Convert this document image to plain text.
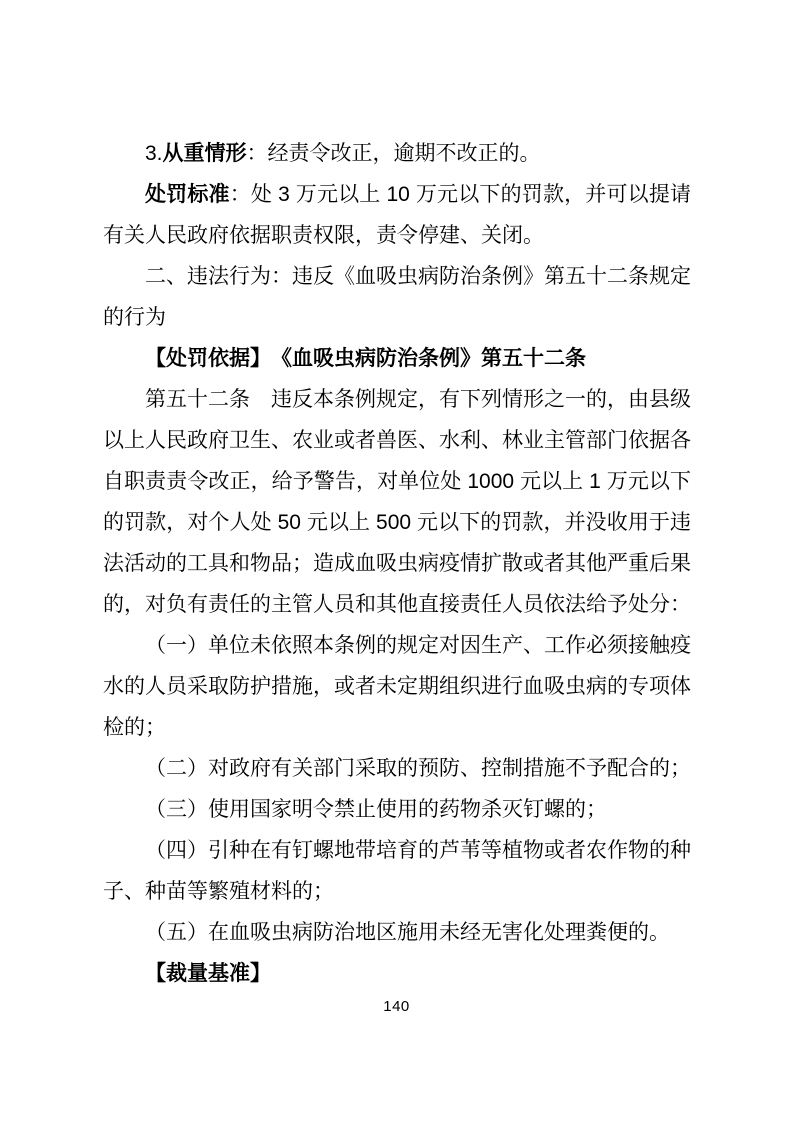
3.从重情形：经责令改正，逾期不改正的。

处罚标准：处 3 万元以上 10 万元以下的罚款，并可以提请有关人民政府依据职责权限，责令停建、关闭。

二、违法行为：违反《血吸虫病防治条例》第五十二条规定的行为

【处罚依据】　《血吸虫病防治条例》第五十二条

第五十二条　违反本条例规定，有下列情形之一的，由县级以上人民政府卫生、农业或者兽医、水利、林业主管部门依据各自职责责令改正，给予警告，对单位处 1000 元以上 1 万元以下的罚款，对个人处 50 元以上 500 元以下的罚款，并没收用于违法活动的工具和物品；造成血吸虫病疫情扩散或者其他严重后果的，对负有责任的主管人员和其他直接责任人员依法给予处分：

（一）单位未依照本条例的规定对因生产、工作必须接触疫水的人员采取防护措施，或者未定期组织进行血吸虫病的专项体检的；

（二）对政府有关部门采取的预防、控制措施不予配合的；

（三）使用国家明令禁止使用的药物杀灭钉螺的；

（四）引种在有钉螺地带培育的芦苇等植物或者农作物的种子、种苗等繁殖材料的；

（五）在血吸虫病防治地区施用未经无害化处理粪便的。

【裁量基准】

140
